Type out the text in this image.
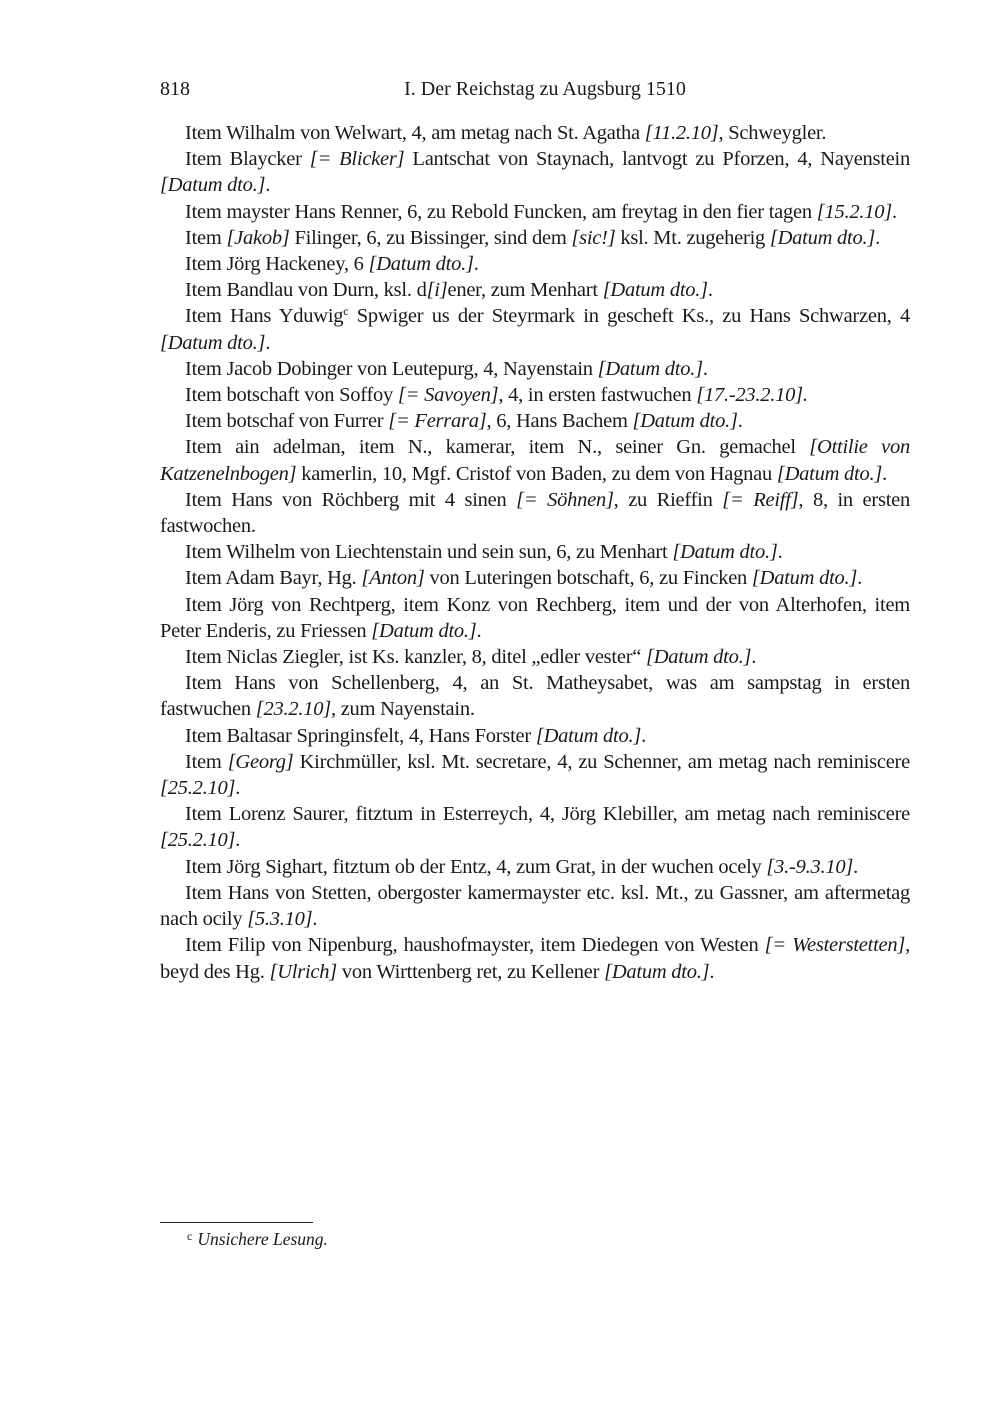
818	I. Der Reichstag zu Augsburg 1510

Item Wilhalm von Welwart, 4, am metag nach St. Agatha [11.2.10], Schweygler.

Item Blaycker [= Blicker] Lantschat von Staynach, lantvogt zu Pforzen, 4, Nayenstein [Datum dto.].

Item mayster Hans Renner, 6, zu Rebold Funcken, am freytag in den fier tagen [15.2.10].

Item [Jakob] Filinger, 6, zu Bissinger, sind dem [sic!] ksl. Mt. zugeherig [Datum dto.].

Item Jörg Hackeney, 6 [Datum dto.].

Item Bandlau von Durn, ksl. d[i]ener, zum Menhart [Datum dto.].

Item Hans Yduwig$^c$ Spwiger us der Steyrmark in gescheft Ks., zu Hans Schwarzen, 4 [Datum dto.].

Item Jacob Dobinger von Leutepurg, 4, Nayenstain [Datum dto.].

Item botschaft von Soffoy [= Savoyen], 4, in ersten fastwuchen [17.-23.2.10].

Item botschaf von Furrer [= Ferrara], 6, Hans Bachem [Datum dto.].

Item ain adelman, item N., kamerar, item N., seiner Gn. gemachel [Ottilie von Katzenelnbogen] kamerlin, 10, Mgf. Cristof von Baden, zu dem von Hagnau [Datum dto.].

Item Hans von Röchberg mit 4 sinen [= Söhnen], zu Rieffin [= Reiff], 8, in ersten fastwochen.

Item Wilhelm von Liechtenstain und sein sun, 6, zu Menhart [Datum dto.].

Item Adam Bayr, Hg. [Anton] von Luteringen botschaft, 6, zu Fincken [Datum dto.].

Item Jörg von Rechtperg, item Konz von Rechberg, item und der von Alterhofen, item Peter Enderis, zu Friessen [Datum dto.].

Item Niclas Ziegler, ist Ks. kanzler, 8, ditel „edler vester“ [Datum dto.].

Item Hans von Schellenberg, 4, an St. Matheysabet, was am sampstag in ersten fastwuchen [23.2.10], zum Nayenstain.

Item Baltasar Springinsfelt, 4, Hans Forster [Datum dto.].

Item [Georg] Kirchmüller, ksl. Mt. secretare, 4, zu Schenner, am metag nach reminiscere [25.2.10].

Item Lorenz Saurer, fitztum in Esterreych, 4, Jörg Klebiller, am metag nach reminiscere [25.2.10].

Item Jörg Sighart, fitztum ob der Entz, 4, zum Grat, in der wuchen ocely [3.-9.3.10].

Item Hans von Stetten, obergoster kamermayster etc. ksl. Mt., zu Gassner, am aftermetag nach ocily [5.3.10].

Item Filip von Nipenburg, haushofmayster, item Diedegen von Westen [= Westerstetten], beyd des Hg. [Ulrich] von Wirttenberg ret, zu Kellener [Datum dto.].

$^c$ Unsichere Lesung.
